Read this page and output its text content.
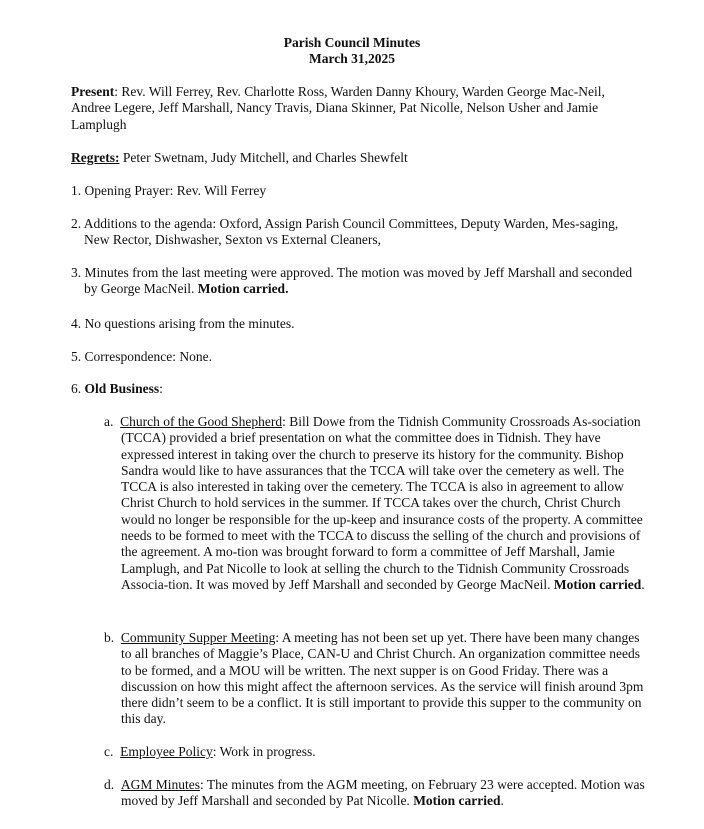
Parish Council Minutes
March 31,2025
Present: Rev. Will Ferrey, Rev. Charlotte Ross, Warden Danny Khoury, Warden George Mac-Neil, Andree Legere, Jeff Marshall, Nancy Travis, Diana Skinner, Pat Nicolle, Nelson Usher and Jamie Lamplugh
Regrets: Peter Swetnam, Judy Mitchell, and Charles Shewfelt
1. Opening Prayer: Rev. Will Ferrey
2. Additions to the agenda: Oxford, Assign Parish Council Committees, Deputy Warden, Mes-saging, New Rector, Dishwasher, Sexton vs External Cleaners,
3. Minutes from the last meeting were approved. The motion was moved by Jeff Marshall and seconded by George MacNeil. Motion carried.
4. No questions arising from the minutes.
5. Correspondence: None.
6. Old Business:
a. Church of the Good Shepherd: Bill Dowe from the Tidnish Community Crossroads As-sociation (TCCA) provided a brief presentation on what the committee does in Tidnish. They have expressed interest in taking over the church to preserve its history for the community. Bishop Sandra would like to have assurances that the TCCA will take over the cemetery as well. The TCCA is also interested in taking over the cemetery. The TCCA is also in agreement to allow Christ Church to hold services in the summer. If TCCA takes over the church, Christ Church would no longer be responsible for the up-keep and insurance costs of the property. A committee needs to be formed to meet with the TCCA to discuss the selling of the church and provisions of the agreement. A mo-tion was brought forward to form a committee of Jeff Marshall, Jamie Lamplugh, and Pat Nicolle to look at selling the church to the Tidnish Community Crossroads Associa-tion. It was moved by Jeff Marshall and seconded by George MacNeil. Motion carried.
b. Community Supper Meeting: A meeting has not been set up yet. There have been many changes to all branches of Maggie’s Place, CAN-U and Christ Church. An organization committee needs to be formed, and a MOU will be written. The next supper is on Good Friday. There was a discussion on how this might affect the afternoon services. As the service will finish around 3pm there didn’t seem to be a conflict. It is still important to provide this supper to the community on this day.
c. Employee Policy: Work in progress.
d. AGM Minutes: The minutes from the AGM meeting, on February 23 were accepted. Motion was moved by Jeff Marshall and seconded by Pat Nicolle. Motion carried.
